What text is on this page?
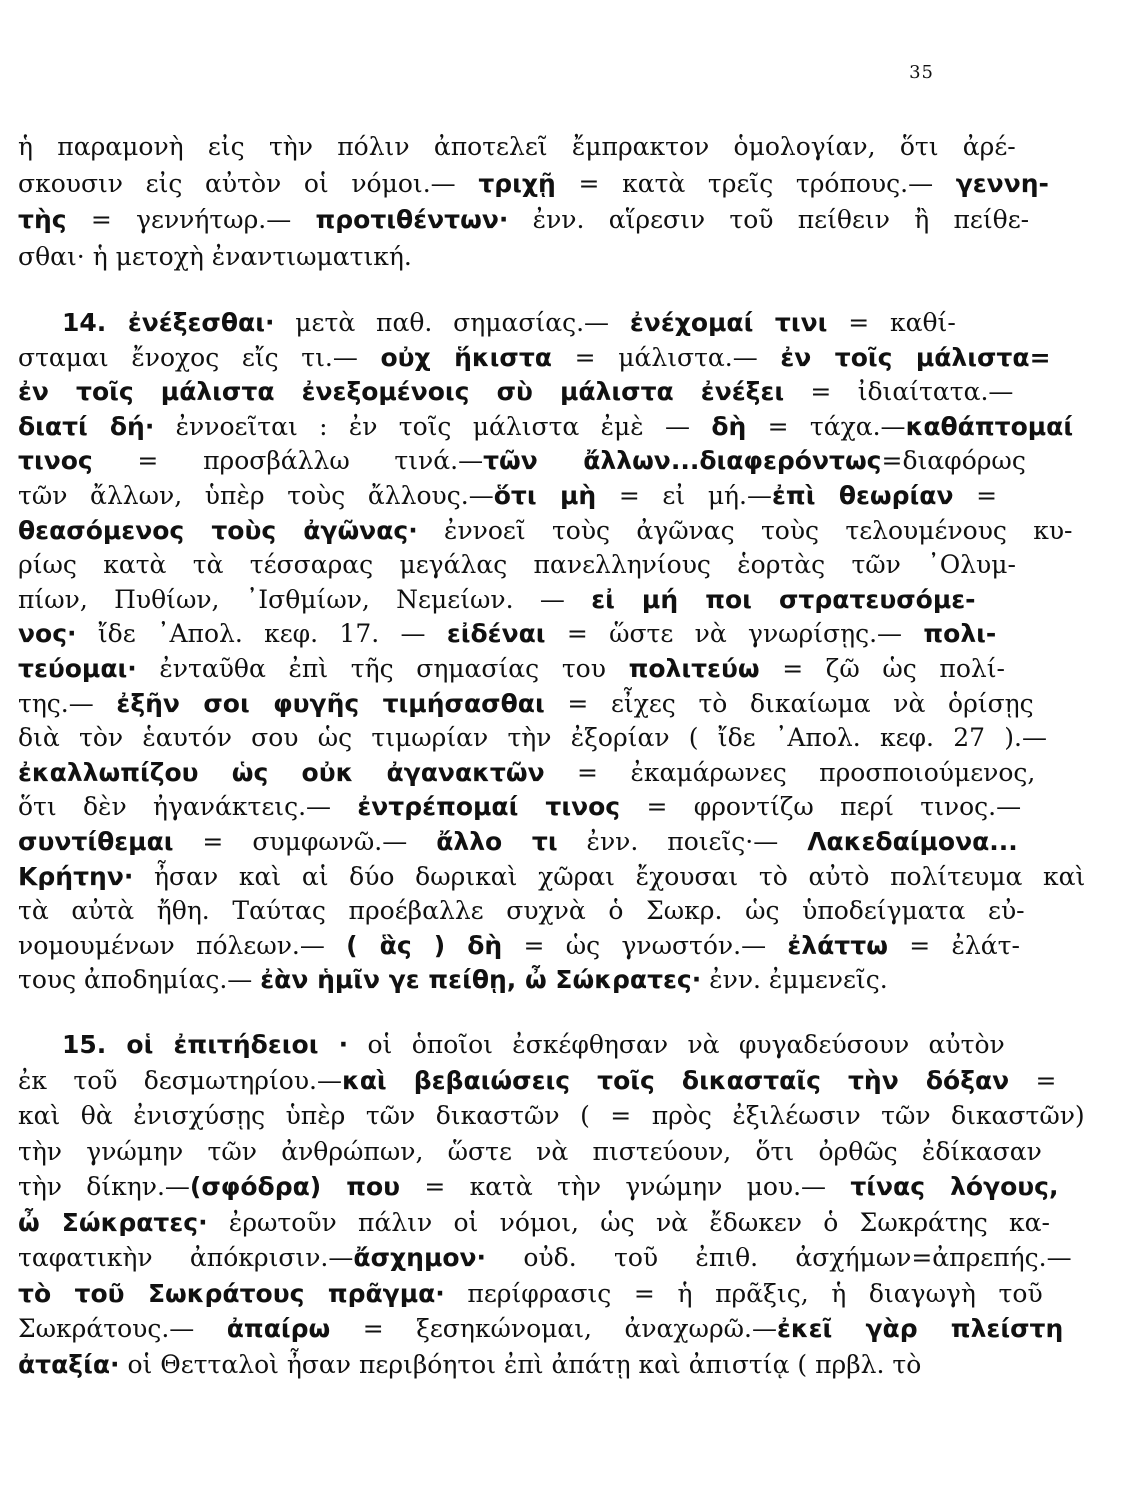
35
ἡ παραμονὴ εἰς τὴν πόλιν ἀποτελεῖ ἔμπρακτον ὁμολογίαν, ὅτι ἀρέ-
σκουσιν εἰς αὐτὸν οἱ νόμοι.— τριχῇ = κατὰ τρεῖς τρόπους.— γεννη-
τὴς = γεννήτωρ.— προτιθέντων· ἐνν. αἵρεσιν τοῦ πείθειν ἢ πείθε-
σθαι· ἡ μετοχὴ ἐναντιωματική.
14. ἐνέξεσθαι· μετὰ παθ. σημασίας.— ἐνέχομαί τινι = καθί-
σταμαι ἔνοχος εἴς τι.— οὐχ ἥκιστα = μάλιστα.— ἐν τοῖς μάλιστα=
ἐν τοῖς μάλιστα ἐνεξομένοις σὺ μάλιστα ἐνέξει = ἰδιαίτατα.—
διατί δή· ἐννοεῖται : ἐν τοῖς μάλιστα ἐμὲ — δὴ = τάχα.—καθάπτομαί
τινος = προσβάλλω τινά.—τῶν ἄλλων...διαφερόντως=διαφόρως
τῶν ἄλλων, ὑπὲρ τοὺς ἄλλους.—ὅτι μὴ = εἰ μή.—ἐπὶ θεωρίαν =
θεασόμενος τοὺς ἀγῶνας· ἐννοεῖ τοὺς ἀγῶνας τοὺς τελουμένους κυ-
ρίως κατὰ τὰ τέσσαρας μεγάλας πανελληνίους ἑορτὰς τῶν ᾿Ολυμ-
πίων, Πυθίων, ᾿Ισθμίων, Νεμείων. — εἰ μή ποι στρατευσόμε-
νος· ἴδε ᾿Απολ. κεφ. 17. — εἰδέναι = ὥστε νὰ γνωρίσῃς.— πολι-
τεύομαι· ἐνταῦθα ἐπὶ τῆς σημασίας του πολιτεύω = ζῶ ὡς πολί-
της.— ἐξῆν σοι φυγῆς τιμήσασθαι = εἶχες τὸ δικαίωμα νὰ ὁρίσῃς
διὰ τὸν ἑαυτόν σου ὡς τιμωρίαν τὴν ἐξορίαν ( ἴδε ᾿Απολ. κεφ. 27 ).—
ἐκαλλωπίζου ὡς οὐκ ἀγανακτῶν = ἐκαμάρωνες προσποιούμενος,
ὅτι δὲν ἠγανάκτεις.— ἐντρέπομαί τινος = φροντίζω περί τινος.—
συντίθεμαι = συμφωνῶ.— ἄλλο τι ἐνν. ποιεῖς·— Λακεδαίμονα...
Κρήτην· ἦσαν καὶ αἱ δύο δωρικαὶ χῶραι ἔχουσαι τὸ αὐτὸ πολίτευμα καὶ
τὰ αὐτὰ ἤθη. Ταύτας προέβαλλε συχνὰ ὁ Σωκρ. ὡς ὑποδείγματα εὐ-
νομουμένων πόλεων.— ( ἃς ) δὴ = ὡς γνωστόν.— ἐλάττω = ἐλάτ-
τους ἀποδημίας.— ἐὰν ἡμῖν γε πείθῃ, ὦ Σώκρατες· ἐνν. ἐμμενεῖς.
15. οἱ ἐπιτήδειοι · οἱ ὁποῖοι ἐσκέφθησαν νὰ φυγαδεύσουν αὐτὸν
ἐκ τοῦ δεσμωτηρίου.—καὶ βεβαιώσεις τοῖς δικασταῖς τὴν δόξαν =
καὶ θὰ ἐνισχύσῃς ὑπὲρ τῶν δικαστῶν ( = πρὸς ἐξιλέωσιν τῶν δικαστῶν)
τὴν γνώμην τῶν ἀνθρώπων, ὥστε νὰ πιστεύουν, ὅτι ὀρθῶς ἐδίκασαν
τὴν δίκην.—(σφόδρα) που = κατὰ τὴν γνώμην μου.— τίνας λόγους,
ὦ Σώκρατες· ἐρωτοῦν πάλιν οἱ νόμοι, ὡς νὰ ἔδωκεν ὁ Σωκράτης κα-
ταφατικὴν ἀπόκρισιν.—ἄσχημον· οὐδ. τοῦ ἐπιθ. ἀσχήμων=ἀπρεπής.—
τὸ τοῦ Σωκράτους πρᾶγμα· περίφρασις = ἡ πρᾶξις, ἡ διαγωγὴ τοῦ
Σωκράτους.— ἀπαίρω = ξεσηκώνομαι, ἀναχωρῶ.—ἐκεῖ γὰρ πλείστη
ἀταξία· οἱ Θετταλοὶ ἦσαν περιβόητοι ἐπὶ ἀπάτῃ καὶ ἀπιστίᾳ ( πρβλ. τὸ
